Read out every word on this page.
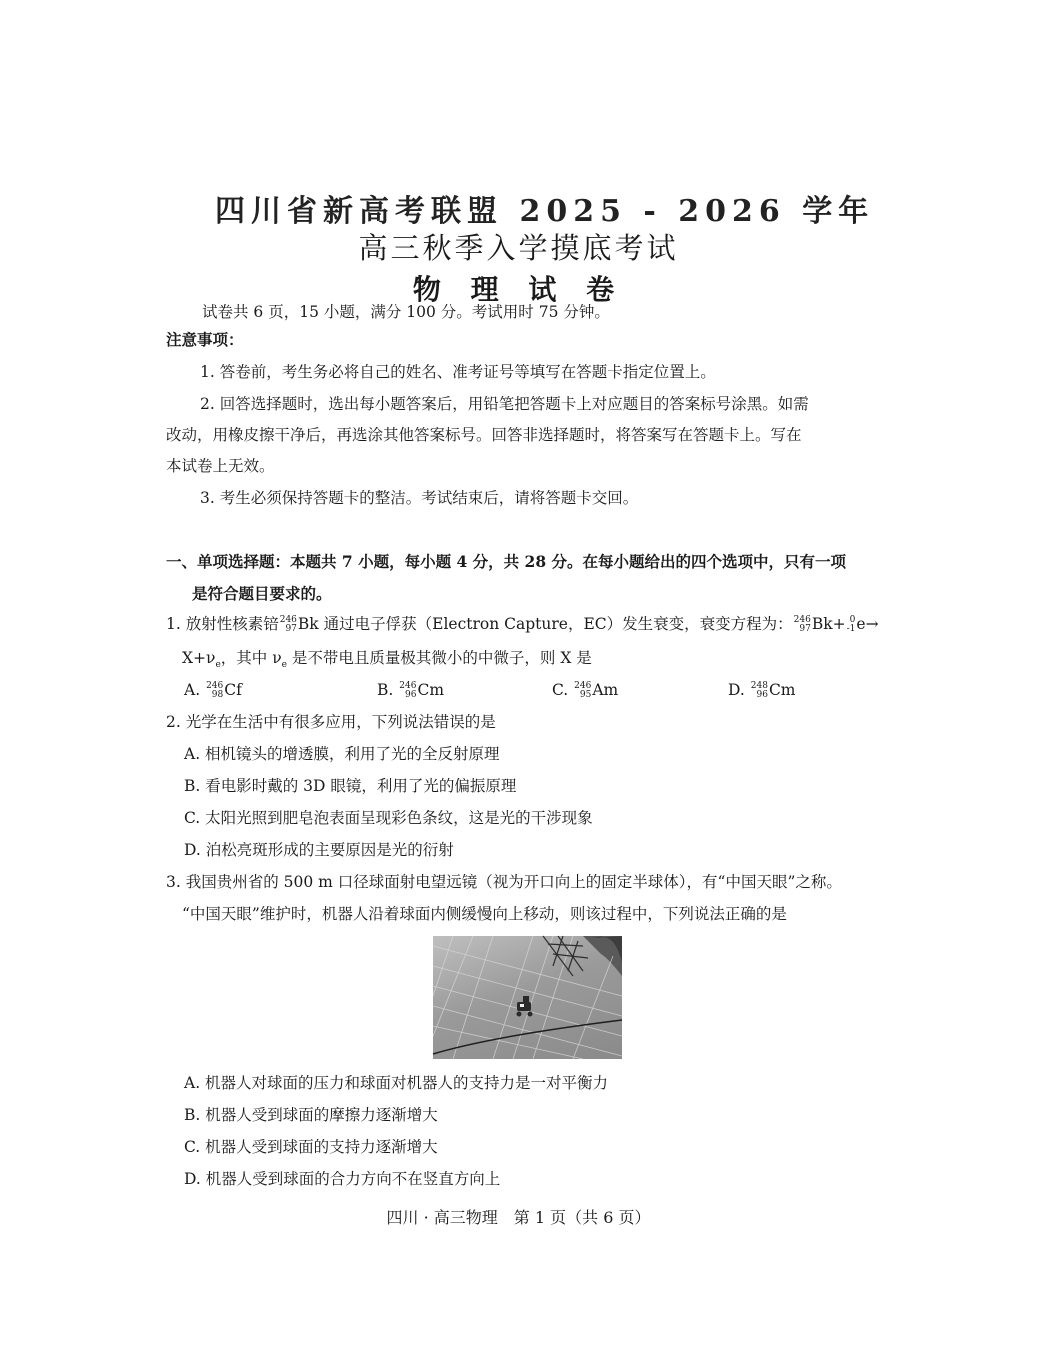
四川省新高考联盟 2025 - 2026 学年
高三秋季入学摸底考试
物 理 试 卷
试卷共 6 页，15 小题，满分 100 分。考试用时 75 分钟。
注意事项：
1. 答卷前，考生务必将自己的姓名、准考证号等填写在答题卡指定位置上。
2. 回答选择题时，选出每小题答案后，用铅笔把答题卡上对应题目的答案标号涂黑。如需
改动，用橡皮擦干净后，再选涂其他答案标号。回答非选择题时，将答案写在答题卡上。写在
本试卷上无效。
3. 考生必须保持答题卡的整洁。考试结束后，请将答题卡交回。
一、单项选择题：本题共 7 小题，每小题 4 分，共 28 分。在每小题给出的四个选项中，只有一项
是符合题目要求的。
1. 放射性核素锫 246
97 Bk 通过电子俘获（Electron Capture，EC）发生衰变，衰变方程为： 246
97 Bk+ 0
-1 e→
$X+\nu_e$，其中 $\nu_e$ 是不带电且质量极其微小的中微子，则 X 是
A. 246
98 Cf	B. 246
96 Cm	C. 246
95 Am	D. 248
96 Cm
2. 光学在生活中有很多应用，下列说法错误的是
A. 相机镜头的增透膜，利用了光的全反射原理
B. 看电影时戴的 3D 眼镜，利用了光的偏振原理
C. 太阳光照到肥皂泡表面呈现彩色条纹，这是光的干涉现象
D. 泊松亮斑形成的主要原因是光的衍射
3. 我国贵州省的 500 m 口径球面射电望远镜（视为开口向上的固定半球体），有“中国天眼”之称。
“中国天眼”维护时，机器人沿着球面内侧缓慢向上移动，则该过程中，下列说法正确的是
A. 机器人对球面的压力和球面对机器人的支持力是一对平衡力
B. 机器人受到球面的摩擦力逐渐增大
C. 机器人受到球面的支持力逐渐增大
D. 机器人受到球面的合力方向不在竖直方向上
四川 · 高三物理　第 1 页（共 6 页）
